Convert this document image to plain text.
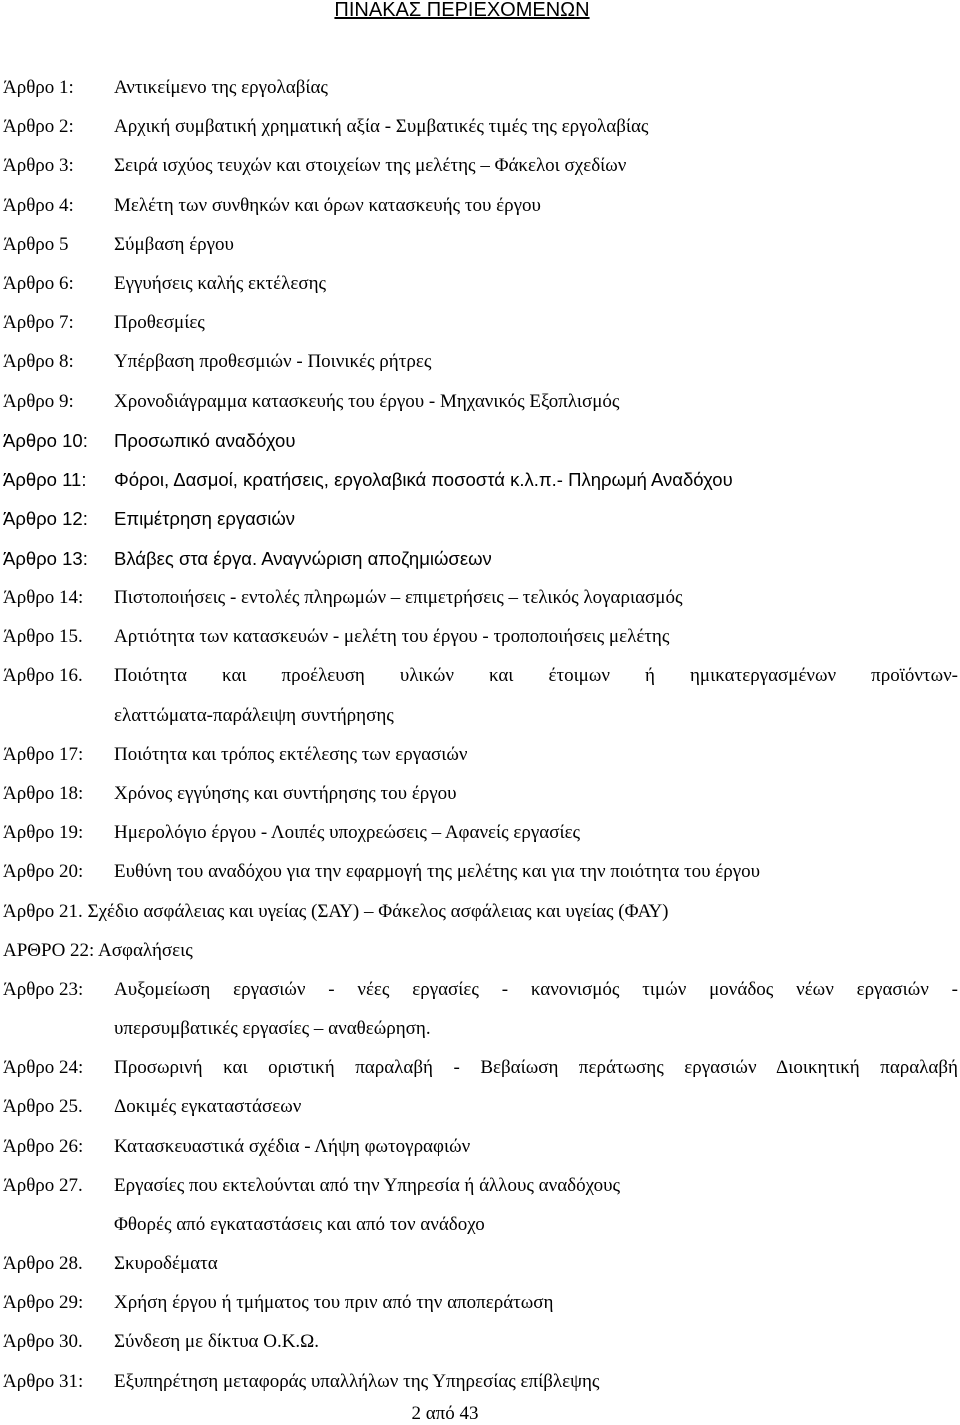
ΠΙΝΑΚΑΣ ΠΕΡΙΕΧΟΜΕΝΩΝ
Άρθρο 1: Αντικείμενο της εργολαβίας
Άρθρο 2: Αρχική συμβατική χρηματική αξία - Συμβατικές τιμές της εργολαβίας
Άρθρο 3: Σειρά ισχύος τευχών και στοιχείων της μελέτης – Φάκελοι σχεδίων
Άρθρο 4: Μελέτη των συνθηκών και όρων κατασκευής του έργου
Άρθρο 5 Σύμβαση έργου
Άρθρο 6: Εγγυήσεις καλής εκτέλεσης
Άρθρο 7: Προθεσμίες
Άρθρο 8: Υπέρβαση προθεσμιών - Ποινικές ρήτρες
Άρθρο 9: Χρονοδιάγραμμα κατασκευής του έργου - Μηχανικός Εξοπλισμός
Άρθρο 10: Προσωπικό αναδόχου
Άρθρο 11: Φόροι, Δασμοί, κρατήσεις, εργολαβικά ποσοστά κ.λ.π.- Πληρωμή Αναδόχου
Άρθρο 12: Επιμέτρηση εργασιών
Άρθρο 13: Βλάβες στα έργα. Αναγνώριση αποζημιώσεων
Άρθρο 14: Πιστοποιήσεις - εντολές πληρωμών – επιμετρήσεις – τελικός λογαριασμός
Άρθρο 15. Αρτιότητα των κατασκευών - μελέτη του έργου - τροποποιήσεις μελέτης
Άρθρο 16. Ποιότητα και προέλευση υλικών και έτοιμων ή ημικατεργασμένων προϊόντων-
ελαττώματα-παράλειψη συντήρησης
Άρθρο 17: Ποιότητα και τρόπος εκτέλεσης των εργασιών
Άρθρο 18: Χρόνος εγγύησης και συντήρησης του έργου
Άρθρο 19: Ημερολόγιο έργου - Λοιπές υποχρεώσεις – Αφανείς εργασίες
Άρθρο 20: Ευθύνη του αναδόχου για την εφαρμογή της μελέτης και για την ποιότητα του έργου
Άρθρο 21. Σχέδιο ασφάλειας και υγείας (ΣΑΥ) – Φάκελος ασφάλειας και υγείας (ΦΑΥ)
ΑΡΘΡΟ 22: Ασφαλήσεις
Άρθρο 23: Αυξομείωση εργασιών - νέες εργασίες - κανονισμός τιμών μονάδος νέων εργασιών -
υπερσυμβατικές εργασίες – αναθεώρηση.
Άρθρο 24: Προσωρινή και οριστική παραλαβή - Βεβαίωση περάτωσης εργασιών Διοικητική παραλαβή
Άρθρο 25. Δοκιμές εγκαταστάσεων
Άρθρο 26: Κατασκευαστικά σχέδια - Λήψη φωτογραφιών
Άρθρο 27. Εργασίες που εκτελούνται από την Υπηρεσία ή άλλους αναδόχους
Φθορές από εγκαταστάσεις και από τον ανάδοχο
Άρθρο 28. Σκυροδέματα
Άρθρο 29: Χρήση έργου ή τμήματος του πριν από την αποπεράτωση
Άρθρο 30. Σύνδεση με δίκτυα Ο.Κ.Ω.
Άρθρο 31: Εξυπηρέτηση μεταφοράς υπαλλήλων της Υπηρεσίας επίβλεψης
2 από 43
